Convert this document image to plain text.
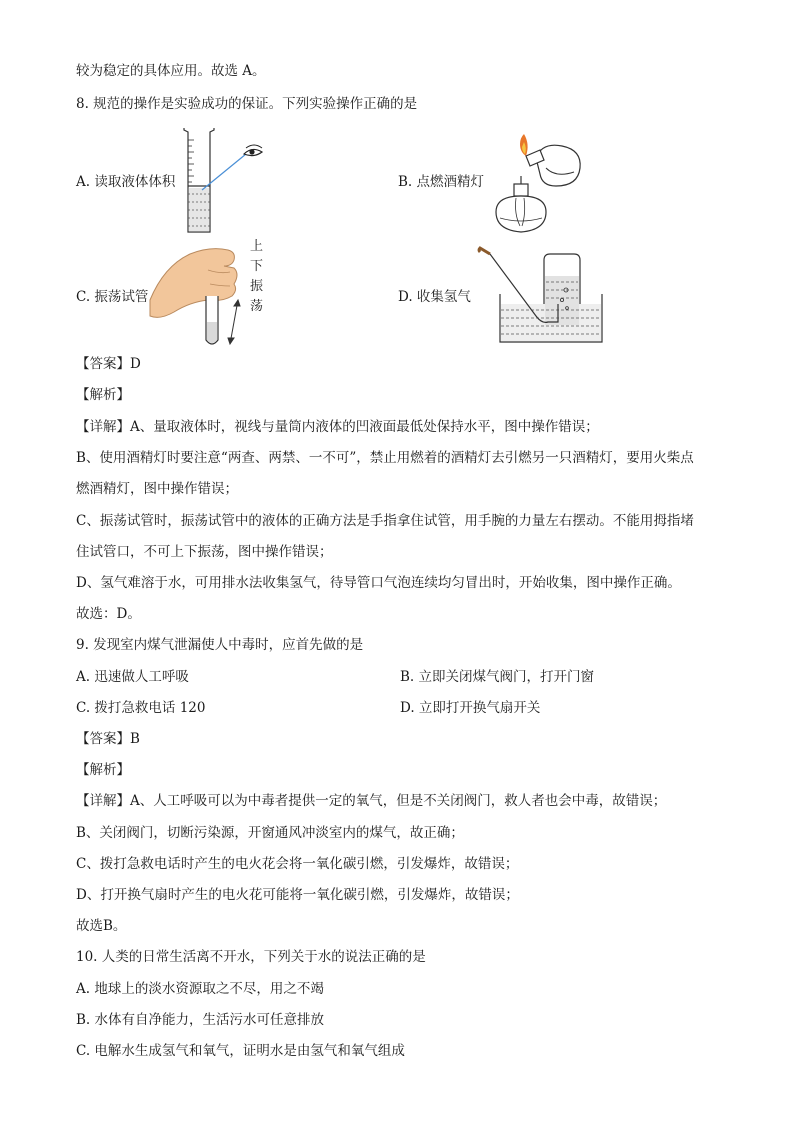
较为稳定的具体应用。故选 A。
8. 规范的操作是实验成功的保证。下列实验操作正确的是
A. 读取液体体积	B. 点燃酒精灯
C. 振荡试管	D. 收集氢气
上
下
振
荡
【答案】D
【解析】
【详解】A、量取液体时，视线与量筒内液体的凹液面最低处保持水平，图中操作错误；
B、使用酒精灯时要注意“两查、两禁、一不可”，禁止用燃着的酒精灯去引燃另一只酒精灯，要用火柴点
燃酒精灯，图中操作错误；
C、振荡试管时，振荡试管中的液体的正确方法是手指拿住试管，用手腕的力量左右摆动。不能用拇指堵
住试管口，不可上下振荡，图中操作错误；
D、氢气难溶于水，可用排水法收集氢气，待导管口气泡连续均匀冒出时，开始收集，图中操作正确。
故选：D。
9. 发现室内煤气泄漏使人中毒时，应首先做的是
A. 迅速做人工呼吸	B. 立即关闭煤气阀门，打开门窗
C. 拨打急救电话 120	D. 立即打开换气扇开关
【答案】B
【解析】
【详解】A、人工呼吸可以为中毒者提供一定的氧气，但是不关闭阀门，救人者也会中毒，故错误；
B、关闭阀门，切断污染源，开窗通风冲淡室内的煤气，故正确；
C、拨打急救电话时产生的电火花会将一氧化碳引燃，引发爆炸，故错误；
D、打开换气扇时产生的电火花可能将一氧化碳引燃，引发爆炸，故错误；
故选B。
10. 人类的日常生活离不开水，下列关于水的说法正确的是
A. 地球上的淡水资源取之不尽，用之不竭
B. 水体有自净能力，生活污水可任意排放
C. 电解水生成氢气和氧气，证明水是由氢气和氧气组成
